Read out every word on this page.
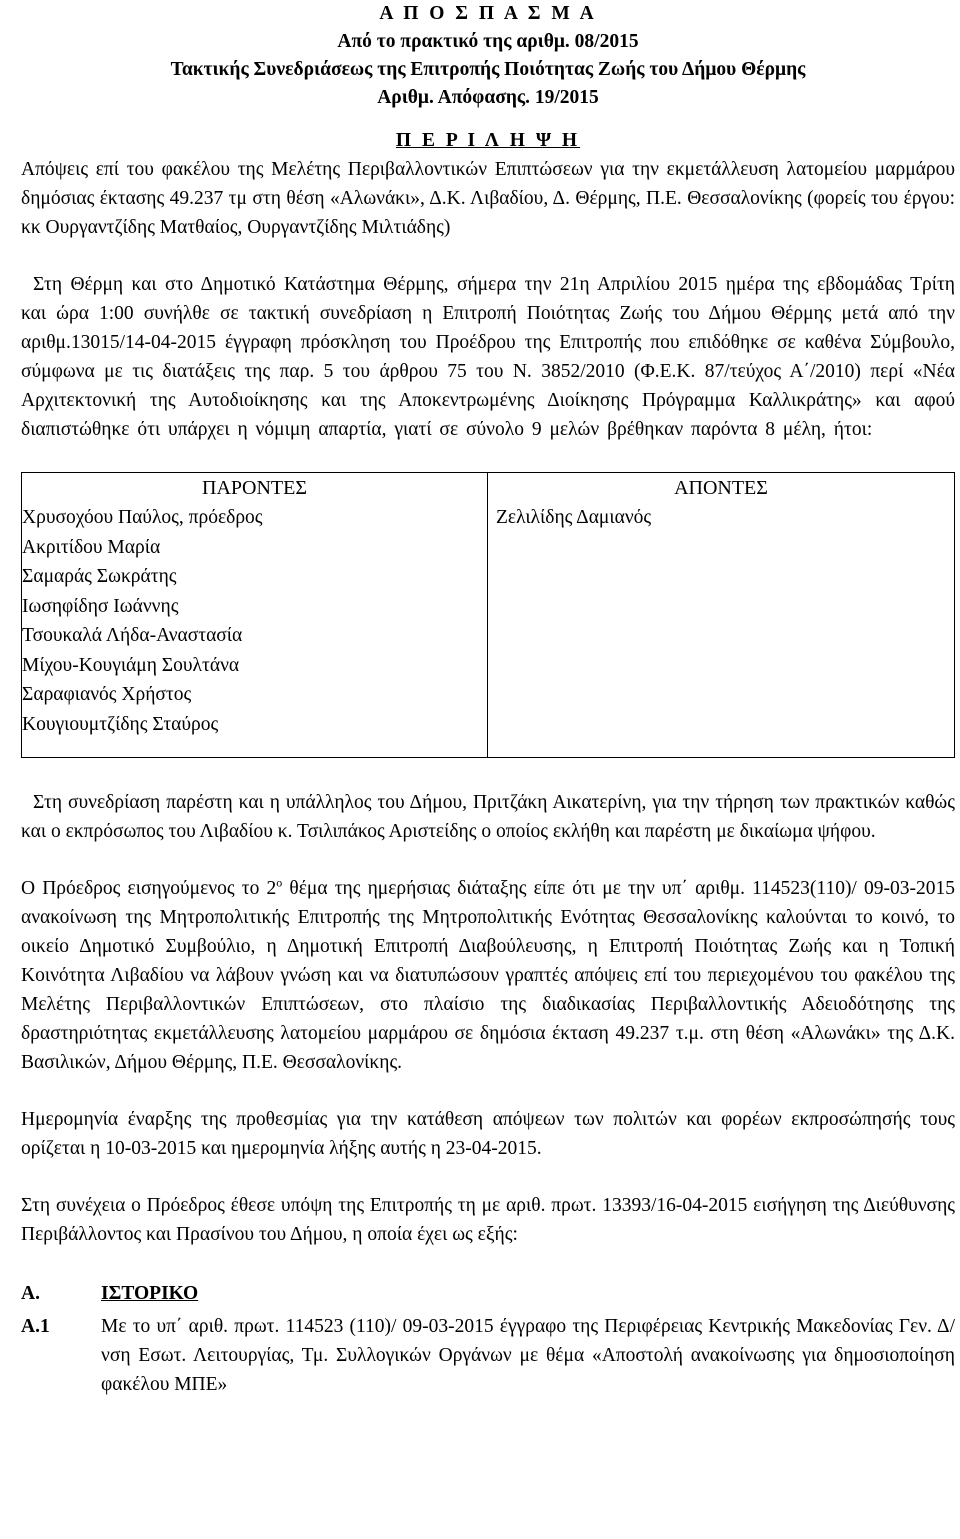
Α Π Ο Σ Π Α Σ Μ Α
Από το πρακτικό της αριθμ. 08/2015
Τακτικής Συνεδριάσεως της Επιτροπής Ποιότητας Ζωής του Δήμου Θέρμης
Αριθμ. Απόφασης. 19/2015
Π Ε Ρ Ι Λ Η Ψ Η

Απόψεις επί του φακέλου της Μελέτης Περιβαλλοντικών Επιπτώσεων για την εκμετάλλευση λατομείου μαρμάρου δημόσιας έκτασης 49.237 τμ στη θέση «Αλωνάκι», Δ.Κ. Λιβαδίου, Δ. Θέρμης, Π.Ε. Θεσσαλονίκης (φορείς του έργου: κκ Ουργαντζίδης Ματθαίος, Ουργαντζίδης Μιλτιάδης)

Στη Θέρμη και στο Δημοτικό Κατάστημα Θέρμης, σήμερα την 21η Απριλίου 2015 ημέρα της εβδομάδας Τρίτη και ώρα 1:00 συνήλθε σε τακτική συνεδρίαση η Επιτροπή Ποιότητας Ζωής του Δήμου Θέρμης μετά από την αριθμ.13015/14-04-2015 έγγραφη πρόσκληση του Προέδρου της Επιτροπής που επιδόθηκε σε καθένα Σύμβουλο, σύμφωνα με τις διατάξεις της παρ. 5 του άρθρου 75 του Ν. 3852/2010 (Φ.Ε.Κ. 87/τεύχος Α΄/2010) περί «Νέα Αρχιτεκτονική της Αυτοδιοίκησης και της Αποκεντρωμένης Διοίκησης Πρόγραμμα Καλλικράτης» και αφού διαπιστώθηκε ότι υπάρχει η νόμιμη απαρτία, γιατί σε σύνολο 9 μελών βρέθηκαν παρόντα 8 μέλη, ήτοι:

ΠΑΡΟΝΤΕΣ
Χρυσοχόου Παύλος, πρόεδρος
Ακριτίδου Μαρία
Σαμαράς Σωκράτης
Ιωσηφίδησ Ιωάννης
Τσουκαλά Λήδα-Αναστασία
Μίχου-Κουγιάμη Σουλτάνα
Σαραφιανός Χρήστος
Κουγιουμτζίδης Σταύρος
ΑΠΟΝΤΕΣ
Ζελιλίδης Δαμιανός

Στη συνεδρίαση παρέστη και η υπάλληλος του Δήμου, Πριτζάκη Αικατερίνη, για την τήρηση των πρακτικών καθώς και ο εκπρόσωπος του Λιβαδίου κ. Τσιλιπάκος Αριστείδης ο οποίος εκλήθη και παρέστη με δικαίωμα ψήφου.

Ο Πρόεδρος εισηγούμενος το $2^o$ θέμα της ημερήσιας διάταξης είπε ότι με την υπ΄ αριθμ. 114523(110)/ 09-03-2015 ανακοίνωση της Μητροπολιτικής Επιτροπής της Μητροπολιτικής Ενότητας Θεσσαλονίκης καλούνται το κοινό, το οικείο Δημοτικό Συμβούλιο, η Δημοτική Επιτροπή Διαβούλευσης, η Επιτροπή Ποιότητας Ζωής και η Τοπική Κοινότητα Λιβαδίου να λάβουν γνώση και να διατυπώσουν γραπτές απόψεις επί του περιεχομένου του φακέλου της Μελέτης Περιβαλλοντικών Επιπτώσεων, στο πλαίσιο της διαδικασίας Περιβαλλοντικής Αδειοδότησης της δραστηριότητας εκμετάλλευσης λατομείου μαρμάρου σε δημόσια έκταση 49.237 τ.μ. στη θέση «Αλωνάκι» της Δ.Κ. Βασιλικών, Δήμου Θέρμης, Π.Ε. Θεσσαλονίκης.

Ημερομηνία έναρξης της προθεσμίας για την κατάθεση απόψεων των πολιτών και φορέων εκπροσώπησής τους ορίζεται η 10-03-2015 και ημερομηνία λήξης αυτής η 23-04-2015.

Στη συνέχεια ο Πρόεδρος έθεσε υπόψη της Επιτροπής τη με αριθ. πρωτ. 13393/16-04-2015 εισήγηση της Διεύθυνσης Περιβάλλοντος και Πρασίνου του Δήμου, η οποία έχει ως εξής:

Α.	ΙΣΤΟΡΙΚΟ
Α.1	Με το υπ΄ αριθ. πρωτ. 114523 (110)/ 09-03-2015 έγγραφο της Περιφέρειας Κεντρικής Μακεδονίας Γεν. Δ/νση Εσωτ. Λειτουργίας, Τμ. Συλλογικών Οργάνων με θέμα «Αποστολή ανακοίνωσης για δημοσιοποίηση φακέλου ΜΠΕ»
